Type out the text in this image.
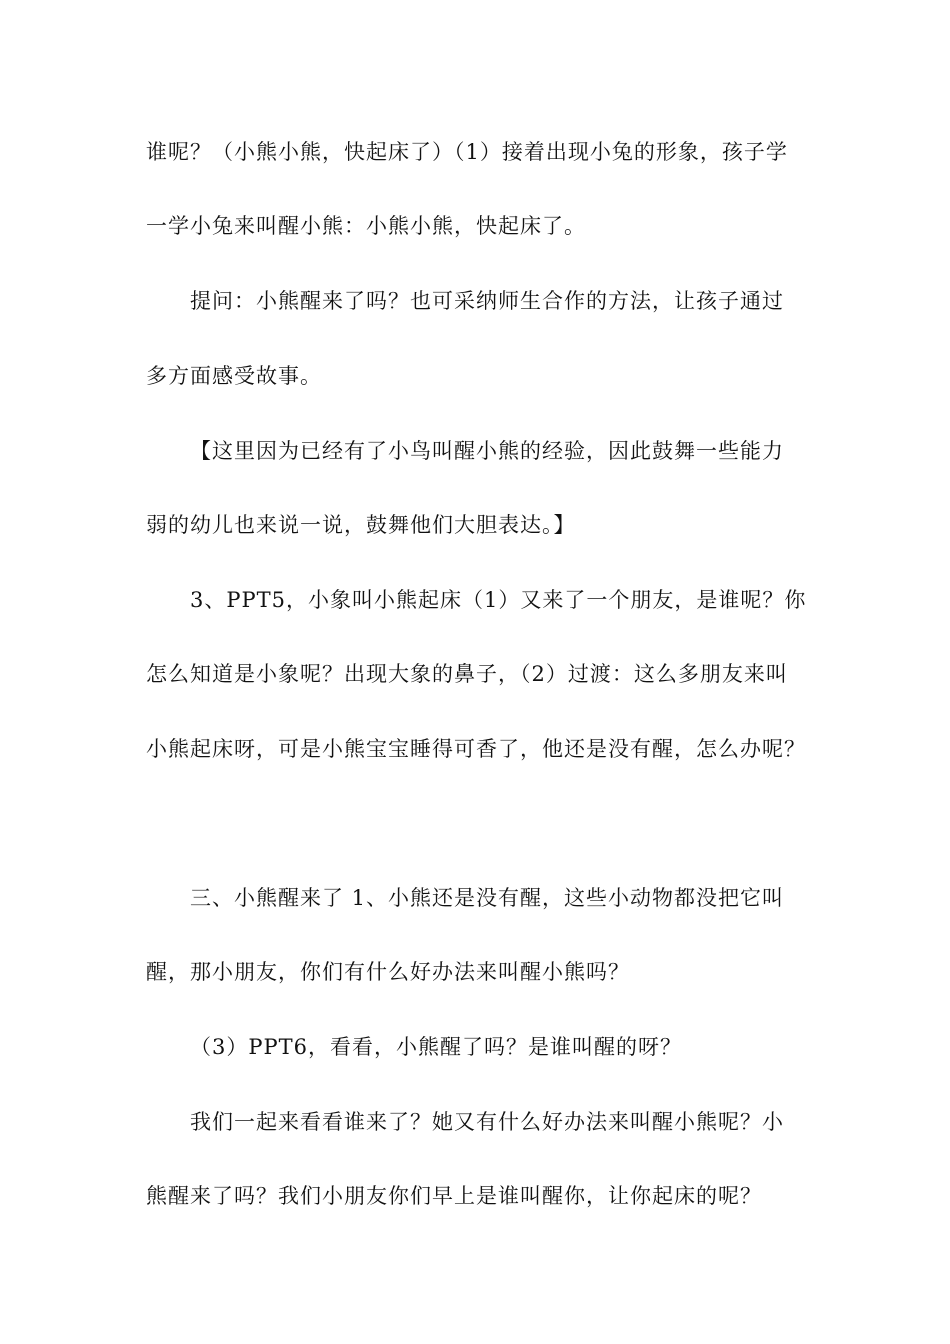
谁呢？（小熊小熊，快起床了）（1）接着出现小兔的形象，孩子学
一学小兔来叫醒小熊：小熊小熊，快起床了。
提问：小熊醒来了吗？也可采纳师生合作的方法，让孩子通过
多方面感受故事。
【这里因为已经有了小鸟叫醒小熊的经验，因此鼓舞一些能力
弱的幼儿也来说一说，鼓舞他们大胆表达。】
3、PPT5，小象叫小熊起床（1）又来了一个朋友，是谁呢？你
怎么知道是小象呢？出现大象的鼻子，（2）过渡：这么多朋友来叫
小熊起床呀，可是小熊宝宝睡得可香了，他还是没有醒，怎么办呢？
三、小熊醒来了 1、小熊还是没有醒，这些小动物都没把它叫
醒，那小朋友，你们有什么好办法来叫醒小熊吗？
（3）PPT6，看看，小熊醒了吗？是谁叫醒的呀？
我们一起来看看谁来了？她又有什么好办法来叫醒小熊呢？小
熊醒来了吗？我们小朋友你们早上是谁叫醒你，让你起床的呢？
